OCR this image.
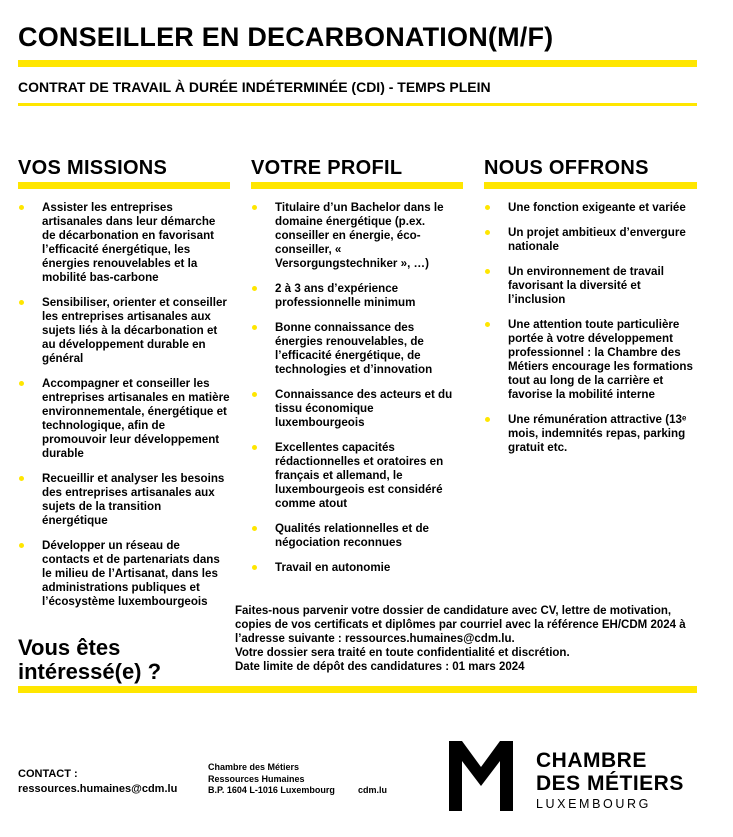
CONSEILLER EN DECARBONATION(M/F)
CONTRAT DE TRAVAIL À DURÉE INDÉTERMINÉE (CDI) - TEMPS PLEIN
VOS MISSIONS
Assister les entreprises artisanales dans leur démarche de décarbonation en favorisant l’efficacité énergétique, les énergies renouvelables et la mobilité bas-carbone
Sensibiliser, orienter et conseiller les entreprises artisanales aux sujets liés à la décarbonation et au développement durable en général
Accompagner et conseiller les entreprises artisanales en matière environnementale, énergétique et technologique, afin de promouvoir leur développement durable
Recueillir et analyser les besoins des entreprises artisanales aux sujets de la transition énergétique
Développer un réseau de contacts et de partenariats dans le milieu de l’Artisanat, dans les administrations publiques et l’écosystème luxembourgeois
VOTRE PROFIL
Titulaire d’un Bachelor dans le domaine énergétique (p.ex. conseiller en énergie, éco-conseiller, « Versorgungstechniker », …)
2 à 3 ans d’expérience professionnelle minimum
Bonne connaissance des énergies renouvelables, de l’efficacité énergétique, de technologies et d’innovation
Connaissance des acteurs et du tissu économique luxembourgeois
Excellentes capacités rédactionnelles et oratoires en français et allemand, le luxembourgeois est considéré comme atout
Qualités relationnelles et de négociation reconnues
Travail en autonomie
NOUS OFFRONS
Une fonction exigeante et variée
Un projet ambitieux d’envergure nationale
Un environnement de travail favorisant la diversité et l’inclusion
Une attention toute particulière portée à votre développement professionnel : la Chambre des Métiers encourage les formations tout au long de la carrière et favorise la mobilité interne
Une rémunération attractive (13ᵉ mois, indemnités repas, parking gratuit etc.
Vous êtes
intéressé(e) ?

Faites-nous parvenir votre dossier de candidature avec CV, lettre de motivation, copies de vos certificats et diplômes par courriel avec la référence EH/CDM 2024 à l’adresse suivante : ressources.humaines@cdm.lu.

Votre dossier sera traité en toute confidentialité et discrétion.

Date limite de dépôt des candidatures : 01 mars 2024

CONTACT :
ressources.humaines@cdm.lu
Chambre des Métiers
Ressources Humaines
B.P. 1604 L-1016 Luxembourg	cdm.lu
CHAMBRE
DES MÉTIERS
LUXEMBOURG
